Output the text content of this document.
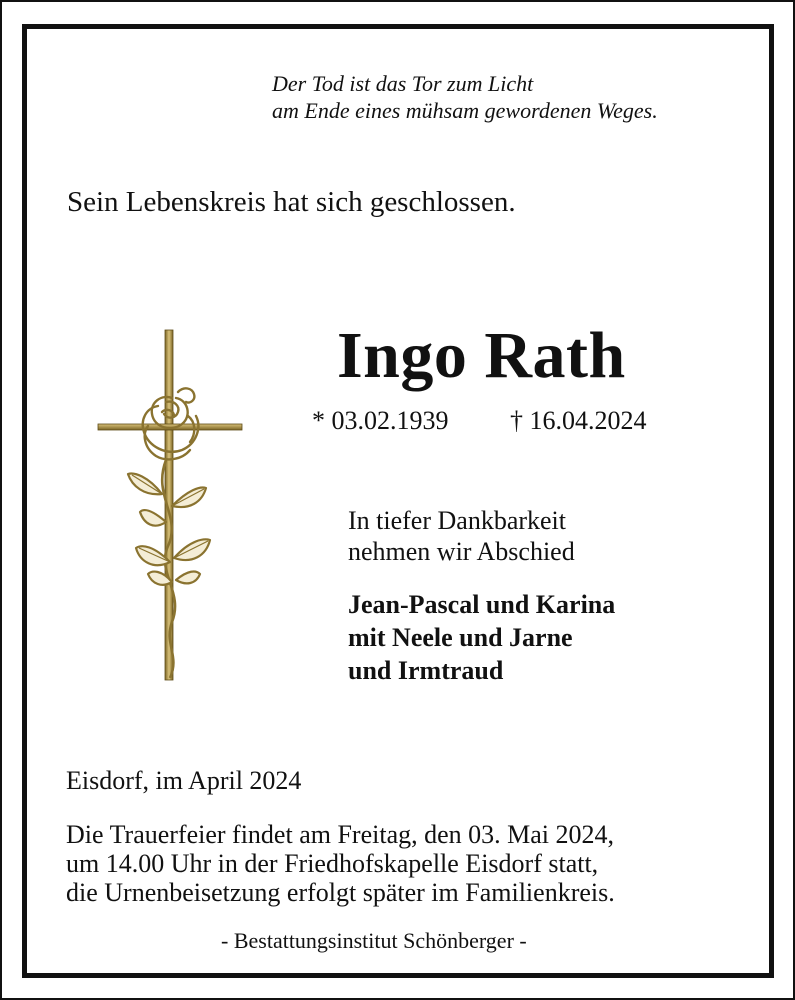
Der Tod ist das Tor zum Licht
am Ende eines mühsam gewordenen Weges.
Sein Lebenskreis hat sich geschlossen.
Ingo Rath
* 03.02.1939 † 16.04.2024
In tiefer Dankbarkeit
nehmen wir Abschied
Jean-Pascal und Karina
mit Neele und Jarne
und Irmtraud
Eisdorf, im April 2024
Die Trauerfeier findet am Freitag, den 03. Mai 2024,
um 14.00 Uhr in der Friedhofskapelle Eisdorf statt,
die Urnenbeisetzung erfolgt später im Familienkreis.
- Bestattungsinstitut Schönberger -
